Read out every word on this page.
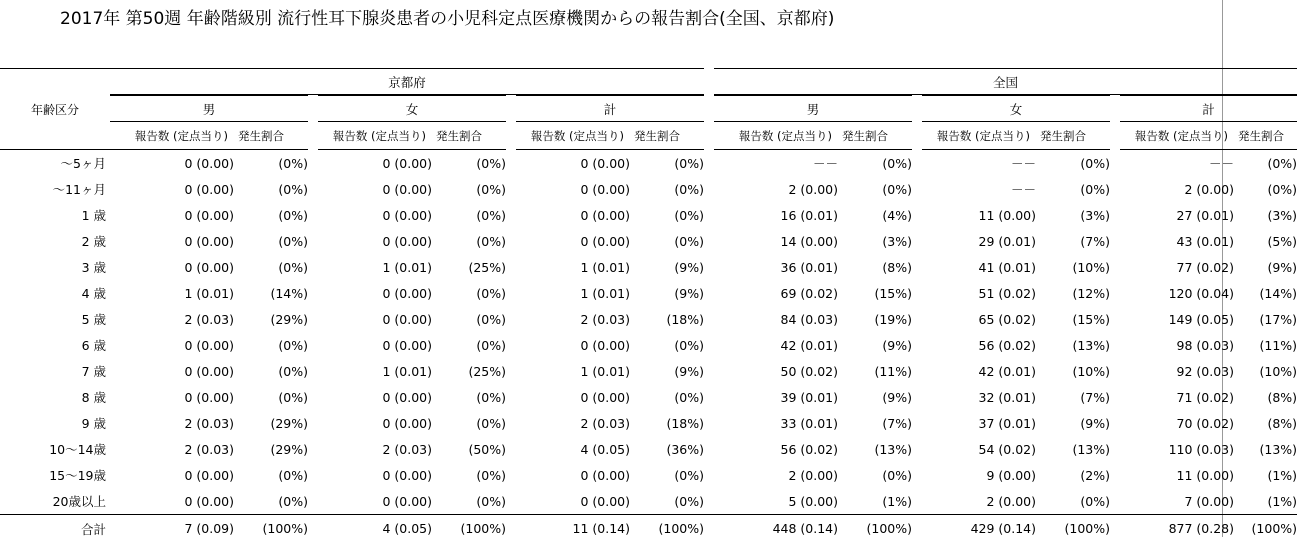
2017年 第50週 年齢階級別 流行性耳下腺炎患者の小児科定点医療機関からの報告割合(全国、京都府)
年齢区分	京都府									全国							
	男			女			計			男			女			計	
	報告数 (定点当り)	発生割合		報告数 (定点当り)	発生割合		報告数 (定点当り)	発生割合		報告数 (定点当り)	発生割合		報告数 (定点当り)	発生割合		報告数 (定点当り)	発生割合
～5ヶ月	0 (0.00)	(0%)		0 (0.00)	(0%)		0 (0.00)	(0%)		－－	(0%)		－－	(0%)		－－	(0%)
～11ヶ月	0 (0.00)	(0%)		0 (0.00)	(0%)		0 (0.00)	(0%)		2 (0.00)	(0%)		－－	(0%)		2 (0.00)	(0%)
1 歳	0 (0.00)	(0%)		0 (0.00)	(0%)		0 (0.00)	(0%)		16 (0.01)	(4%)		11 (0.00)	(3%)		27 (0.01)	(3%)
2 歳	0 (0.00)	(0%)		0 (0.00)	(0%)		0 (0.00)	(0%)		14 (0.00)	(3%)		29 (0.01)	(7%)		43 (0.01)	(5%)
3 歳	0 (0.00)	(0%)		1 (0.01)	(25%)		1 (0.01)	(9%)		36 (0.01)	(8%)		41 (0.01)	(10%)		77 (0.02)	(9%)
4 歳	1 (0.01)	(14%)		0 (0.00)	(0%)		1 (0.01)	(9%)		69 (0.02)	(15%)		51 (0.02)	(12%)		120 (0.04)	(14%)
5 歳	2 (0.03)	(29%)		0 (0.00)	(0%)		2 (0.03)	(18%)		84 (0.03)	(19%)		65 (0.02)	(15%)		149 (0.05)	(17%)
6 歳	0 (0.00)	(0%)		0 (0.00)	(0%)		0 (0.00)	(0%)		42 (0.01)	(9%)		56 (0.02)	(13%)		98 (0.03)	(11%)
7 歳	0 (0.00)	(0%)		1 (0.01)	(25%)		1 (0.01)	(9%)		50 (0.02)	(11%)		42 (0.01)	(10%)		92 (0.03)	(10%)
8 歳	0 (0.00)	(0%)		0 (0.00)	(0%)		0 (0.00)	(0%)		39 (0.01)	(9%)		32 (0.01)	(7%)		71 (0.02)	(8%)
9 歳	2 (0.03)	(29%)		0 (0.00)	(0%)		2 (0.03)	(18%)		33 (0.01)	(7%)		37 (0.01)	(9%)		70 (0.02)	(8%)
10～14歳	2 (0.03)	(29%)		2 (0.03)	(50%)		4 (0.05)	(36%)		56 (0.02)	(13%)		54 (0.02)	(13%)		110 (0.03)	(13%)
15～19歳	0 (0.00)	(0%)		0 (0.00)	(0%)		0 (0.00)	(0%)		2 (0.00)	(0%)		9 (0.00)	(2%)		11 (0.00)	(1%)
20歳以上	0 (0.00)	(0%)		0 (0.00)	(0%)		0 (0.00)	(0%)		5 (0.00)	(1%)		2 (0.00)	(0%)		7 (0.00)	(1%)
合計	7 (0.09)	(100%)		4 (0.05)	(100%)		11 (0.14)	(100%)		448 (0.14)	(100%)		429 (0.14)	(100%)		877 (0.28)	(100%)
